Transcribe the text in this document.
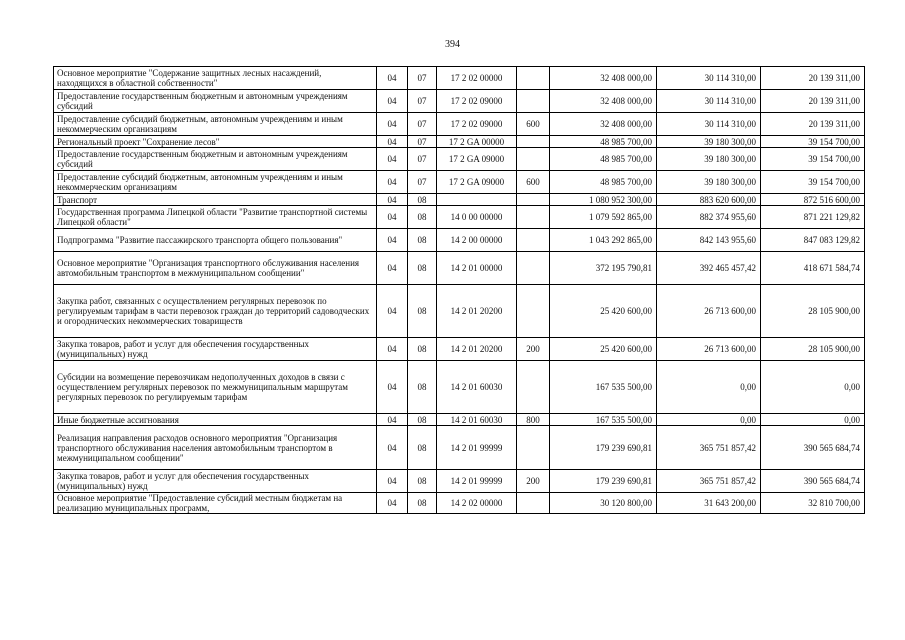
394
Основное мероприятие "Содержание защитных лесных насаждений, находящихся в областной собственности"	04	07	17 2 02 00000		32 408 000,00	30 114 310,00	20 139 311,00
Предоставление государственным бюджетным и автономным учреждениям субсидий	04	07	17 2 02 09000		32 408 000,00	30 114 310,00	20 139 311,00
Предоставление субсидий бюджетным, автономным учреждениям и иным некоммерческим организациям	04	07	17 2 02 09000	600	32 408 000,00	30 114 310,00	20 139 311,00
Региональный проект "Сохранение лесов"	04	07	17 2 GA 00000		48 985 700,00	39 180 300,00	39 154 700,00
Предоставление государственным бюджетным и автономным учреждениям субсидий	04	07	17 2 GA 09000		48 985 700,00	39 180 300,00	39 154 700,00
Предоставление субсидий бюджетным, автономным учреждениям и иным некоммерческим организациям	04	07	17 2 GA 09000	600	48 985 700,00	39 180 300,00	39 154 700,00
Транспорт	04	08			1 080 952 300,00	883 620 600,00	872 516 600,00
Государственная программа Липецкой области "Развитие транспортной системы Липецкой области"	04	08	14 0 00 00000		1 079 592 865,00	882 374 955,60	871 221 129,82
Подпрограмма "Развитие пассажирского транспорта общего пользования"	04	08	14 2 00 00000		1 043 292 865,00	842 143 955,60	847 083 129,82
Основное мероприятие "Организация транспортного обслуживания населения автомобильным транспортом в межмуниципальном сообщении"	04	08	14 2 01 00000		372 195 790,81	392 465 457,42	418 671 584,74
Закупка работ, связанных с осуществлением регулярных перевозок по регулируемым тарифам в части перевозок граждан до территорий садоводческих и огороднических некоммерческих товариществ	04	08	14 2 01 20200		25 420 600,00	26 713 600,00	28 105 900,00
Закупка товаров, работ и услуг для обеспечения государственных (муниципальных) нужд	04	08	14 2 01 20200	200	25 420 600,00	26 713 600,00	28 105 900,00
Субсидии на возмещение перевозчикам недополученных доходов в связи с осуществлением регулярных перевозок по межмуниципальным маршрутам регулярных перевозок по регулируемым тарифам	04	08	14 2 01 60030		167 535 500,00	0,00	0,00
Иные бюджетные ассигнования	04	08	14 2 01 60030	800	167 535 500,00	0,00	0,00
Реализация направления расходов основного мероприятия "Организация транспортного обслуживания населения автомобильным транспортом в межмуниципальном сообщении"	04	08	14 2 01 99999		179 239 690,81	365 751 857,42	390 565 684,74
Закупка товаров, работ и услуг для обеспечения государственных (муниципальных) нужд	04	08	14 2 01 99999	200	179 239 690,81	365 751 857,42	390 565 684,74
Основное мероприятие "Предоставление субсидий местным бюджетам на реализацию муниципальных программ,	04	08	14 2 02 00000		30 120 800,00	31 643 200,00	32 810 700,00
